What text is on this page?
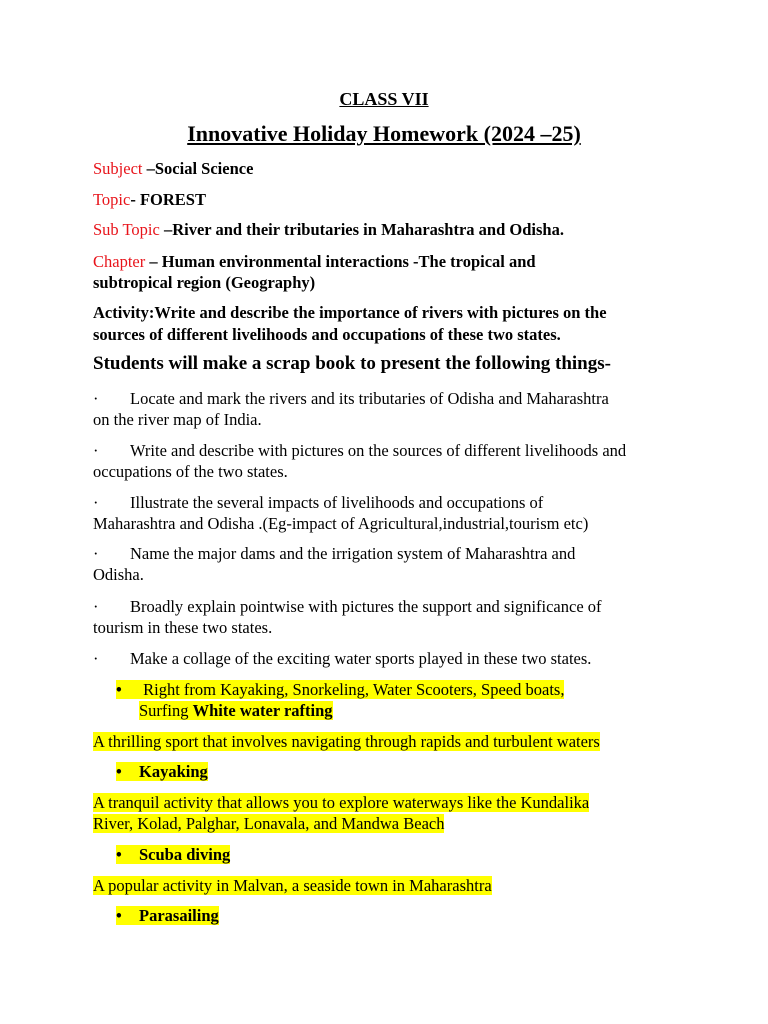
CLASS VII
Innovative Holiday Homework (2024 –25)
Subject –Social Science
Topic- FOREST
Sub Topic –River and their tributaries in Maharashtra and Odisha.
Chapter – Human environmental interactions -The tropical and
subtropical region (Geography)
Activity:Write and describe the importance of rivers with pictures on the
sources of different livelihoods and occupations of these two states.
Students will make a scrap book to present the following things-
· Locate and mark the rivers and its tributaries of Odisha and Maharashtra
on the river map of India.
· Write and describe with pictures on the sources of different livelihoods and
occupations of the two states.
· Illustrate the several impacts of livelihoods and occupations of
Maharashtra and Odisha .(Eg-impact of Agricultural,industrial,tourism etc)
· Name the major dams and the irrigation system of Maharashtra and
Odisha.
· Broadly explain pointwise with pictures the support and significance of
tourism in these two states.
· Make a collage of the exciting water sports played in these two states.
• Right from Kayaking, Snorkeling, Water Scooters, Speed boats,
Surfing White water rafting
A thrilling sport that involves navigating through rapids and turbulent waters
• Kayaking
A tranquil activity that allows you to explore waterways like the Kundalika
River, Kolad, Palghar, Lonavala, and Mandwa Beach
• Scuba diving
A popular activity in Malvan, a seaside town in Maharashtra
• Parasailing
